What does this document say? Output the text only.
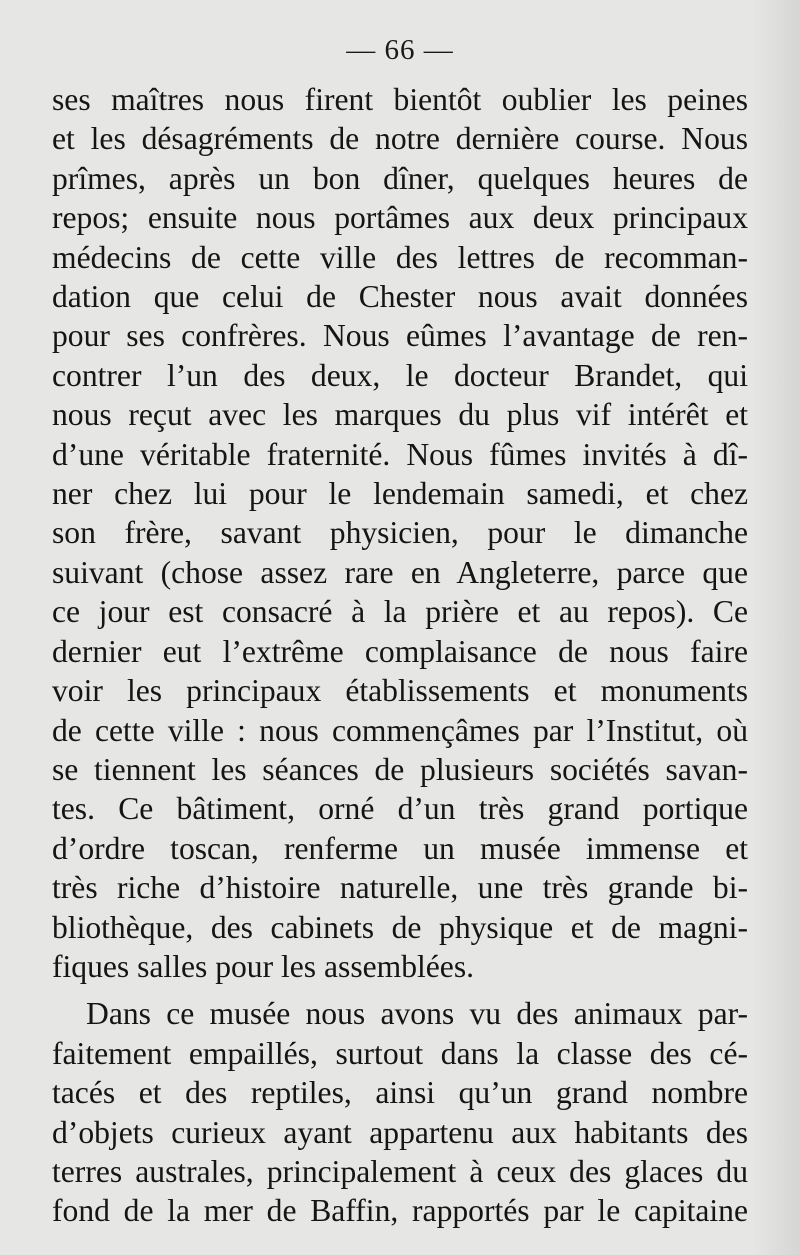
— 66 —
ses maîtres nous firent bientôt oublier les peines
et les désagréments de notre dernière course. Nous
prîmes, après un bon dîner, quelques heures de
repos; ensuite nous portâmes aux deux principaux
médecins de cette ville des lettres de recomman-
dation que celui de Chester nous avait données
pour ses confrères. Nous eûmes l’avantage de ren-
contrer l’un des deux, le docteur Brandet, qui
nous reçut avec les marques du plus vif intérêt et
d’une véritable fraternité. Nous fûmes invités à dî-
ner chez lui pour le lendemain samedi, et chez
son frère, savant physicien, pour le dimanche
suivant (chose assez rare en Angleterre, parce que
ce jour est consacré à la prière et au repos). Ce
dernier eut l’extrême complaisance de nous faire
voir les principaux établissements et monuments
de cette ville : nous commençâmes par l’Institut, où
se tiennent les séances de plusieurs sociétés savan-
tes. Ce bâtiment, orné d’un très grand portique
d’ordre toscan, renferme un musée immense et
très riche d’histoire naturelle, une très grande bi-
bliothèque, des cabinets de physique et de magni-
fiques salles pour les assemblées.
Dans ce musée nous avons vu des animaux par-
faitement empaillés, surtout dans la classe des cé-
tacés et des reptiles, ainsi qu’un grand nombre
d’objets curieux ayant appartenu aux habitants des
terres australes, principalement à ceux des glaces du
fond de la mer de Baffin, rapportés par le capitaine
